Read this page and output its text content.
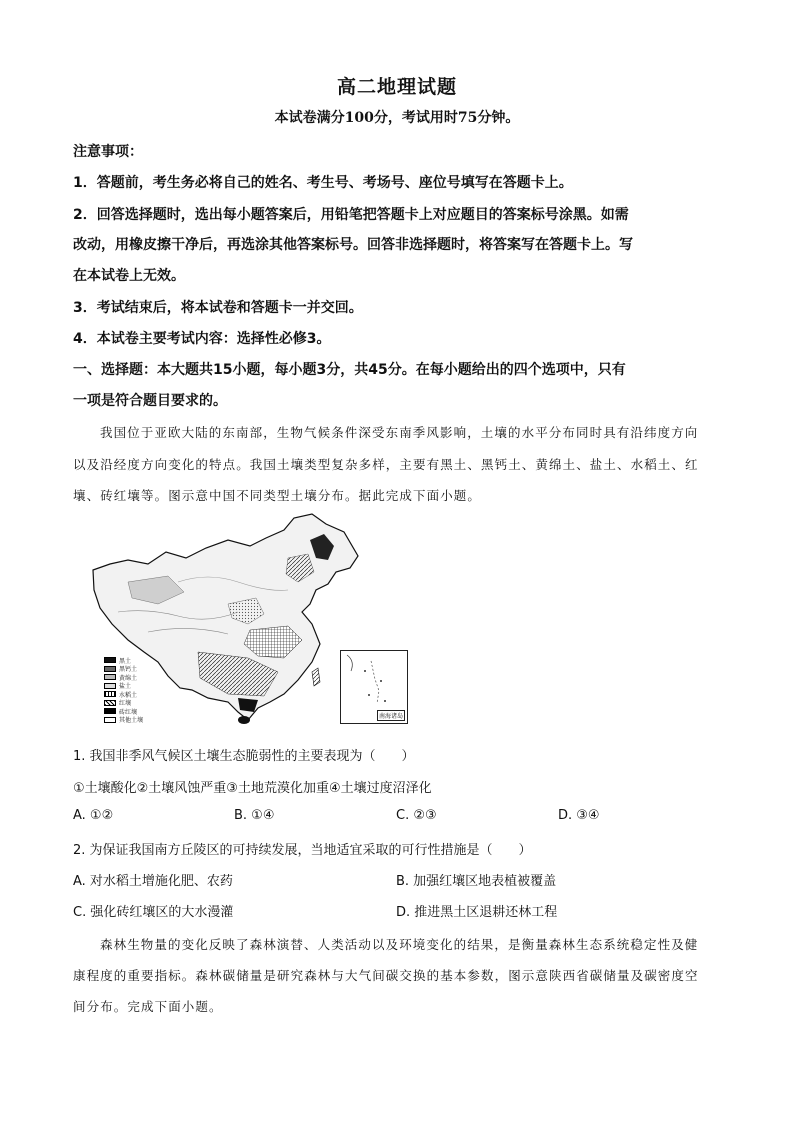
高二地理试题
本试卷满分100分，考试用时75分钟。
注意事项：
1．答题前，考生务必将自己的姓名、考生号、考场号、座位号填写在答题卡上。
2．回答选择题时，选出每小题答案后，用铅笔把答题卡上对应题目的答案标号涂黑。如需
改动，用橡皮擦干净后，再选涂其他答案标号。回答非选择题时，将答案写在答题卡上。写
在本试卷上无效。
3．考试结束后，将本试卷和答题卡一并交回。
4．本试卷主要考试内容：选择性必修3。
一、选择题：本大题共15小题，每小题3分，共45分。在每小题给出的四个选项中，只有
一项是符合题目要求的。
我国位于亚欧大陆的东南部，生物气候条件深受东南季风影响，土壤的水平分布同时具有沿纬度方向
以及沿经度方向变化的特点。我国土壤类型复杂多样，主要有黑土、黑钙土、黄绵土、盐土、水稻土、红
壤、砖红壤等。图示意中国不同类型土壤分布。据此完成下面小题。
黑土
黑钙土
黄绵土
盐土
水稻土
红壤
砖红壤
其他土壤
南海诸岛
1. 我国非季风气候区土壤生态脆弱性的主要表现为（　　）
①土壤酸化②土壤风蚀严重③土地荒漠化加重④土壤过度沼泽化
A. ①②	B. ①④	C. ②③	D. ③④
2. 为保证我国南方丘陵区的可持续发展，当地适宜采取的可行性措施是（　　）
A. 对水稻土增施化肥、农药	B. 加强红壤区地表植被覆盖
C. 强化砖红壤区的大水漫灌	D. 推进黑土区退耕还林工程
森林生物量的变化反映了森林演替、人类活动以及环境变化的结果，是衡量森林生态系统稳定性及健
康程度的重要指标。森林碳储量是研究森林与大气间碳交换的基本参数，图示意陕西省碳储量及碳密度空
间分布。完成下面小题。
